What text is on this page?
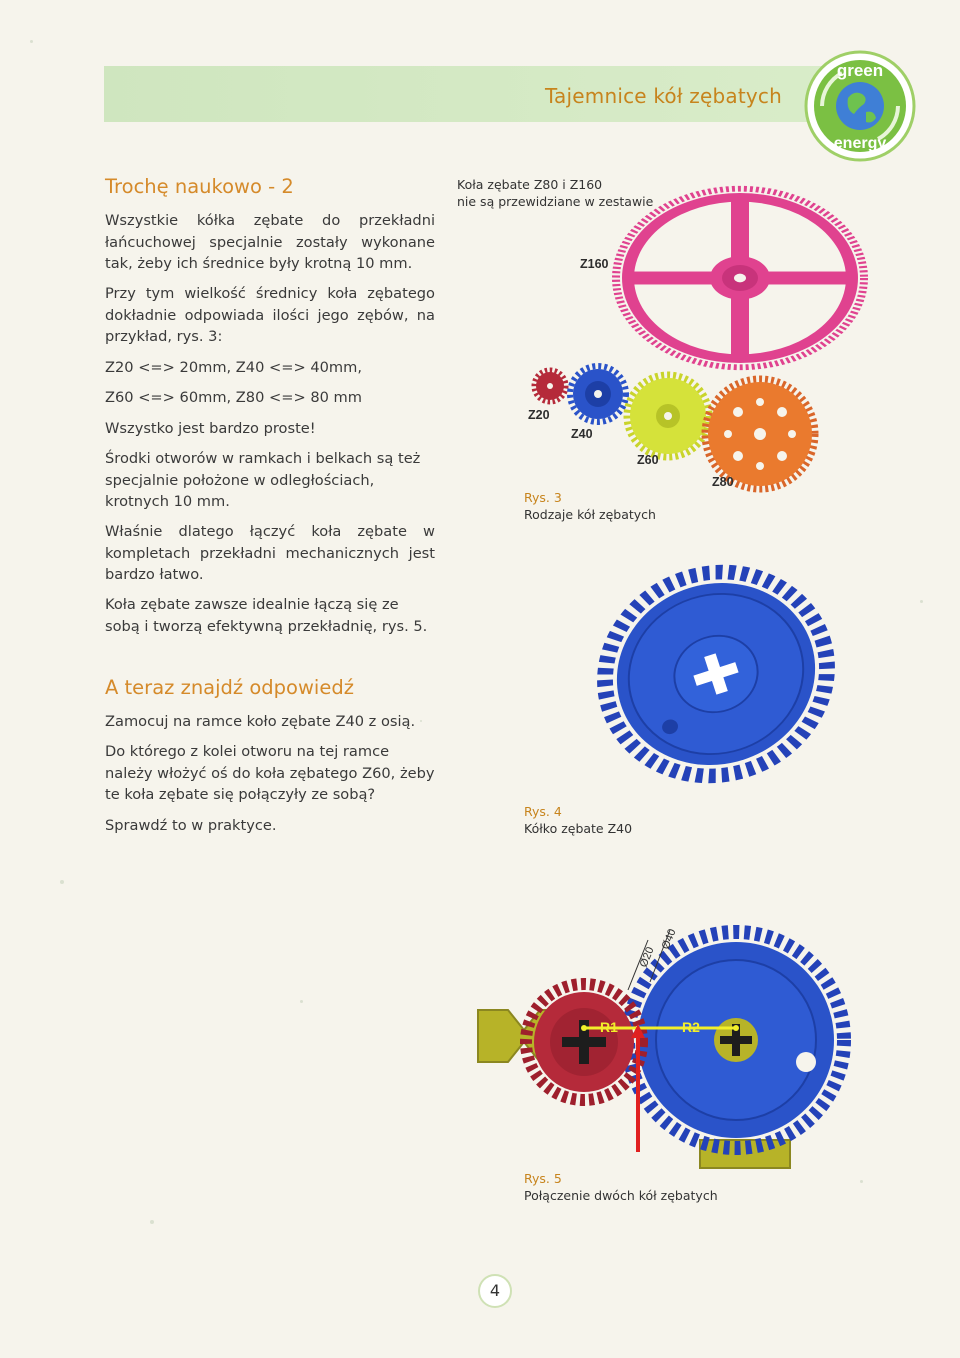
Tajemnice kół zębatych
green
energy
Trochę naukowo - 2

Wszystkie kółka zębate do przekładni łańcuchowej specjalnie zostały wykonane tak, żeby ich średnice były krotną 10 mm.

Przy tym wielkość średnicy koła zębatego dokładnie odpowiada ilości jego zębów, na przykład, rys. 3:

Z20 <=> 20mm, Z40 <=> 40mm,

Z60 <=> 60mm, Z80 <=> 80 mm

Wszystko jest bardzo proste!

Środki otworów w ramkach i belkach są też specjalnie położone w odległościach, krotnych 10 mm.

Właśnie dlatego łączyć koła zębate w kompletach przekładni mechanicznych jest bardzo łatwo.

Koła zębate zawsze idealnie łączą się ze sobą i tworzą efektywną przekładnię, rys. 5.

A teraz znajdź odpowiedź

Zamocuj na ramce koło zębate Z40 z osią.

Do którego z kolei otworu na tej ramce należy włożyć oś do koła zębatego Z60, żeby te koła zębate się połączyły ze sobą?

Sprawdź to w praktyce.

Koła zębate Z80 i Z160
nie są przewidziane w zestawie
Z160
Z20
Z40
Z60
Z80
Rys. 3
Rodzaje kół zębatych
Rys. 4
Kółko zębate Z40
R1	R2
Ø20
Ø40
Rys. 5
Połączenie dwóch kół zębatych
4
